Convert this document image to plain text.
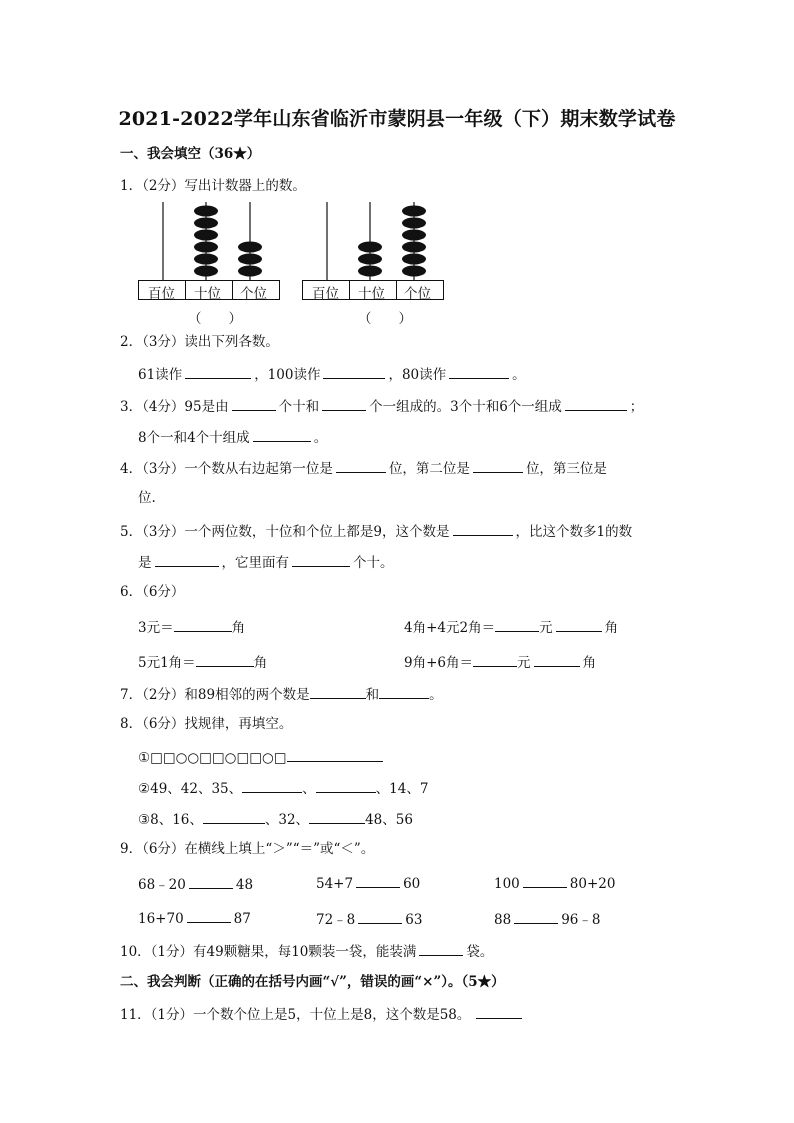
2021-2022学年山东省临沂市蒙阴县一年级（下）期末数学试卷
一、我会填空（36★）
1．（2分）写出计数器上的数。
百位 十位 个位
（　　）
百位 十位 个位
（　　）
2．（3分）读出下列各数。
61读作	，100读作	，80读作	。
3．（4分）95是由	个十和	个一组成的。3个十和6个一组成	；
8个一和4个十组成	。
4．（3分）一个数从右边起第一位是	位，第二位是	位，第三位是
位.
5．（3分）一个两位数，十位和个位上都是9，这个数是	，比这个数多1的数
是	，它里面有	个十。
6．（6分）
3元＝	角	4角+4元2角＝	元	角
5元1角＝	角	9角+6角＝	元	角
7．（2分）和89相邻的两个数是	和	。
8．（6分）找规律，再填空。
①□□○○□□○□□○□
②49、42、35、	、	、14、7
③8、16、	、32、	48、56
9．（6分）在横线上填上“＞”“＝”或“＜”。
68﹣20	48	54+7	60	100	80+20
16+70	87	72﹣8	63	88	96﹣8
10．（1分）有49颗糖果，每10颗装一袋，能装满	袋。
二、我会判断（正确的在括号内画“√”，错误的画“×”）。（5★）
11．（1分）一个数个位上是5，十位上是8，这个数是58。
